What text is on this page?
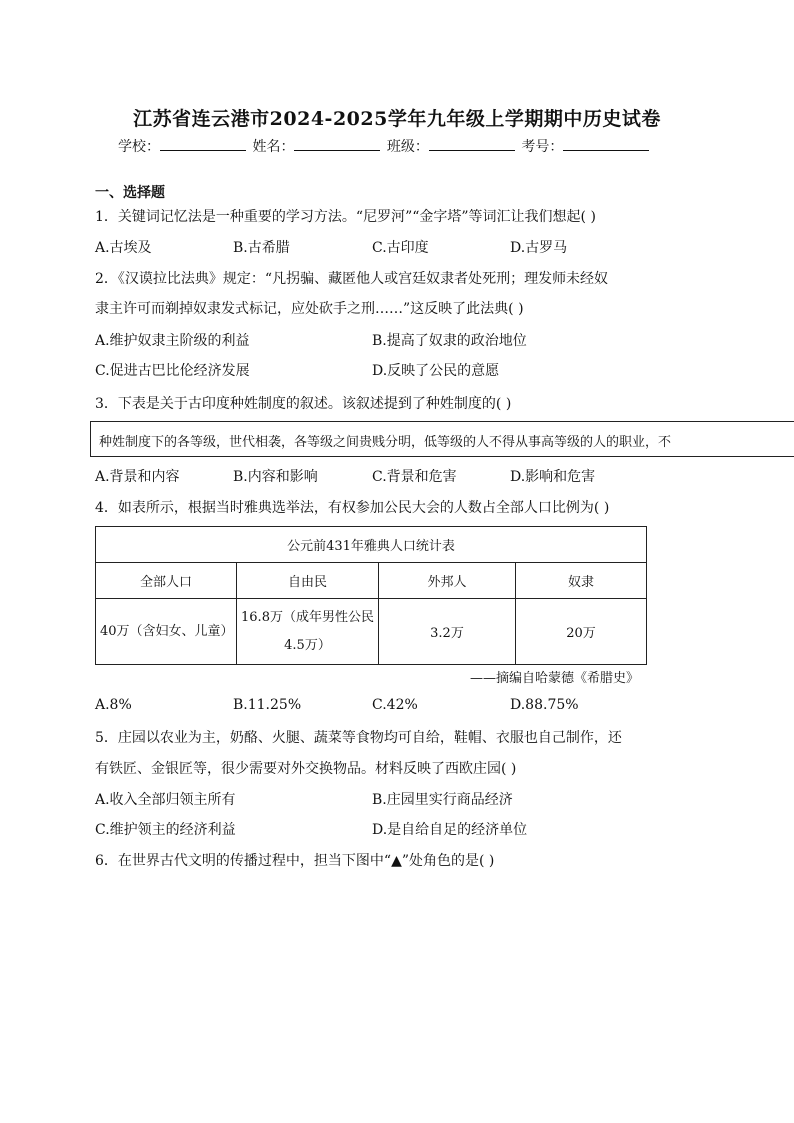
江苏省连云港市2024-2025学年九年级上学期期中历史试卷
学校：	姓名：	班级：	考号：
一、选择题
1．关键词记忆法是一种重要的学习方法。“尼罗河”“金字塔”等词汇让我们想起( )
A.古埃及	B.古希腊	C.古印度	D.古罗马
2．《汉谟拉比法典》规定：“凡拐骗、藏匿他人或宫廷奴隶者处死刑；理发师未经奴
隶主许可而剃掉奴隶发式标记，应处砍手之刑……”这反映了此法典( )
A.维护奴隶主阶级的利益	B.提高了奴隶的政治地位
C.促进古巴比伦经济发展	D.反映了公民的意愿
3．下表是关于古印度种姓制度的叙述。该叙述提到了种姓制度的( )
种姓制度下的各等级，世代相袭，各等级之间贵贱分明，低等级的人不得从事高等级的人的职业，不
A.背景和内容	B.内容和影响	C.背景和危害	D.影响和危害
4．如表所示，根据当时雅典选举法，有权参加公民大会的人数占全部人口比例为( )
公元前431年雅典人口统计表			
全部人口	自由民	外邦人	奴隶
40万（含妇女、儿童）	16.8万（成年男性公民4.5万）	3.2万	20万
——摘编自哈蒙德《希腊史》
A.8%	B.11.25%	C.42%	D.88.75%
5．庄园以农业为主，奶酪、火腿、蔬菜等食物均可自给，鞋帽、衣服也自己制作，还
有铁匠、金银匠等，很少需要对外交换物品。材料反映了西欧庄园( )
A.收入全部归领主所有	B.庄园里实行商品经济
C.维护领主的经济利益	D.是自给自足的经济单位
6．在世界古代文明的传播过程中，担当下图中“▲”处角色的是( )
